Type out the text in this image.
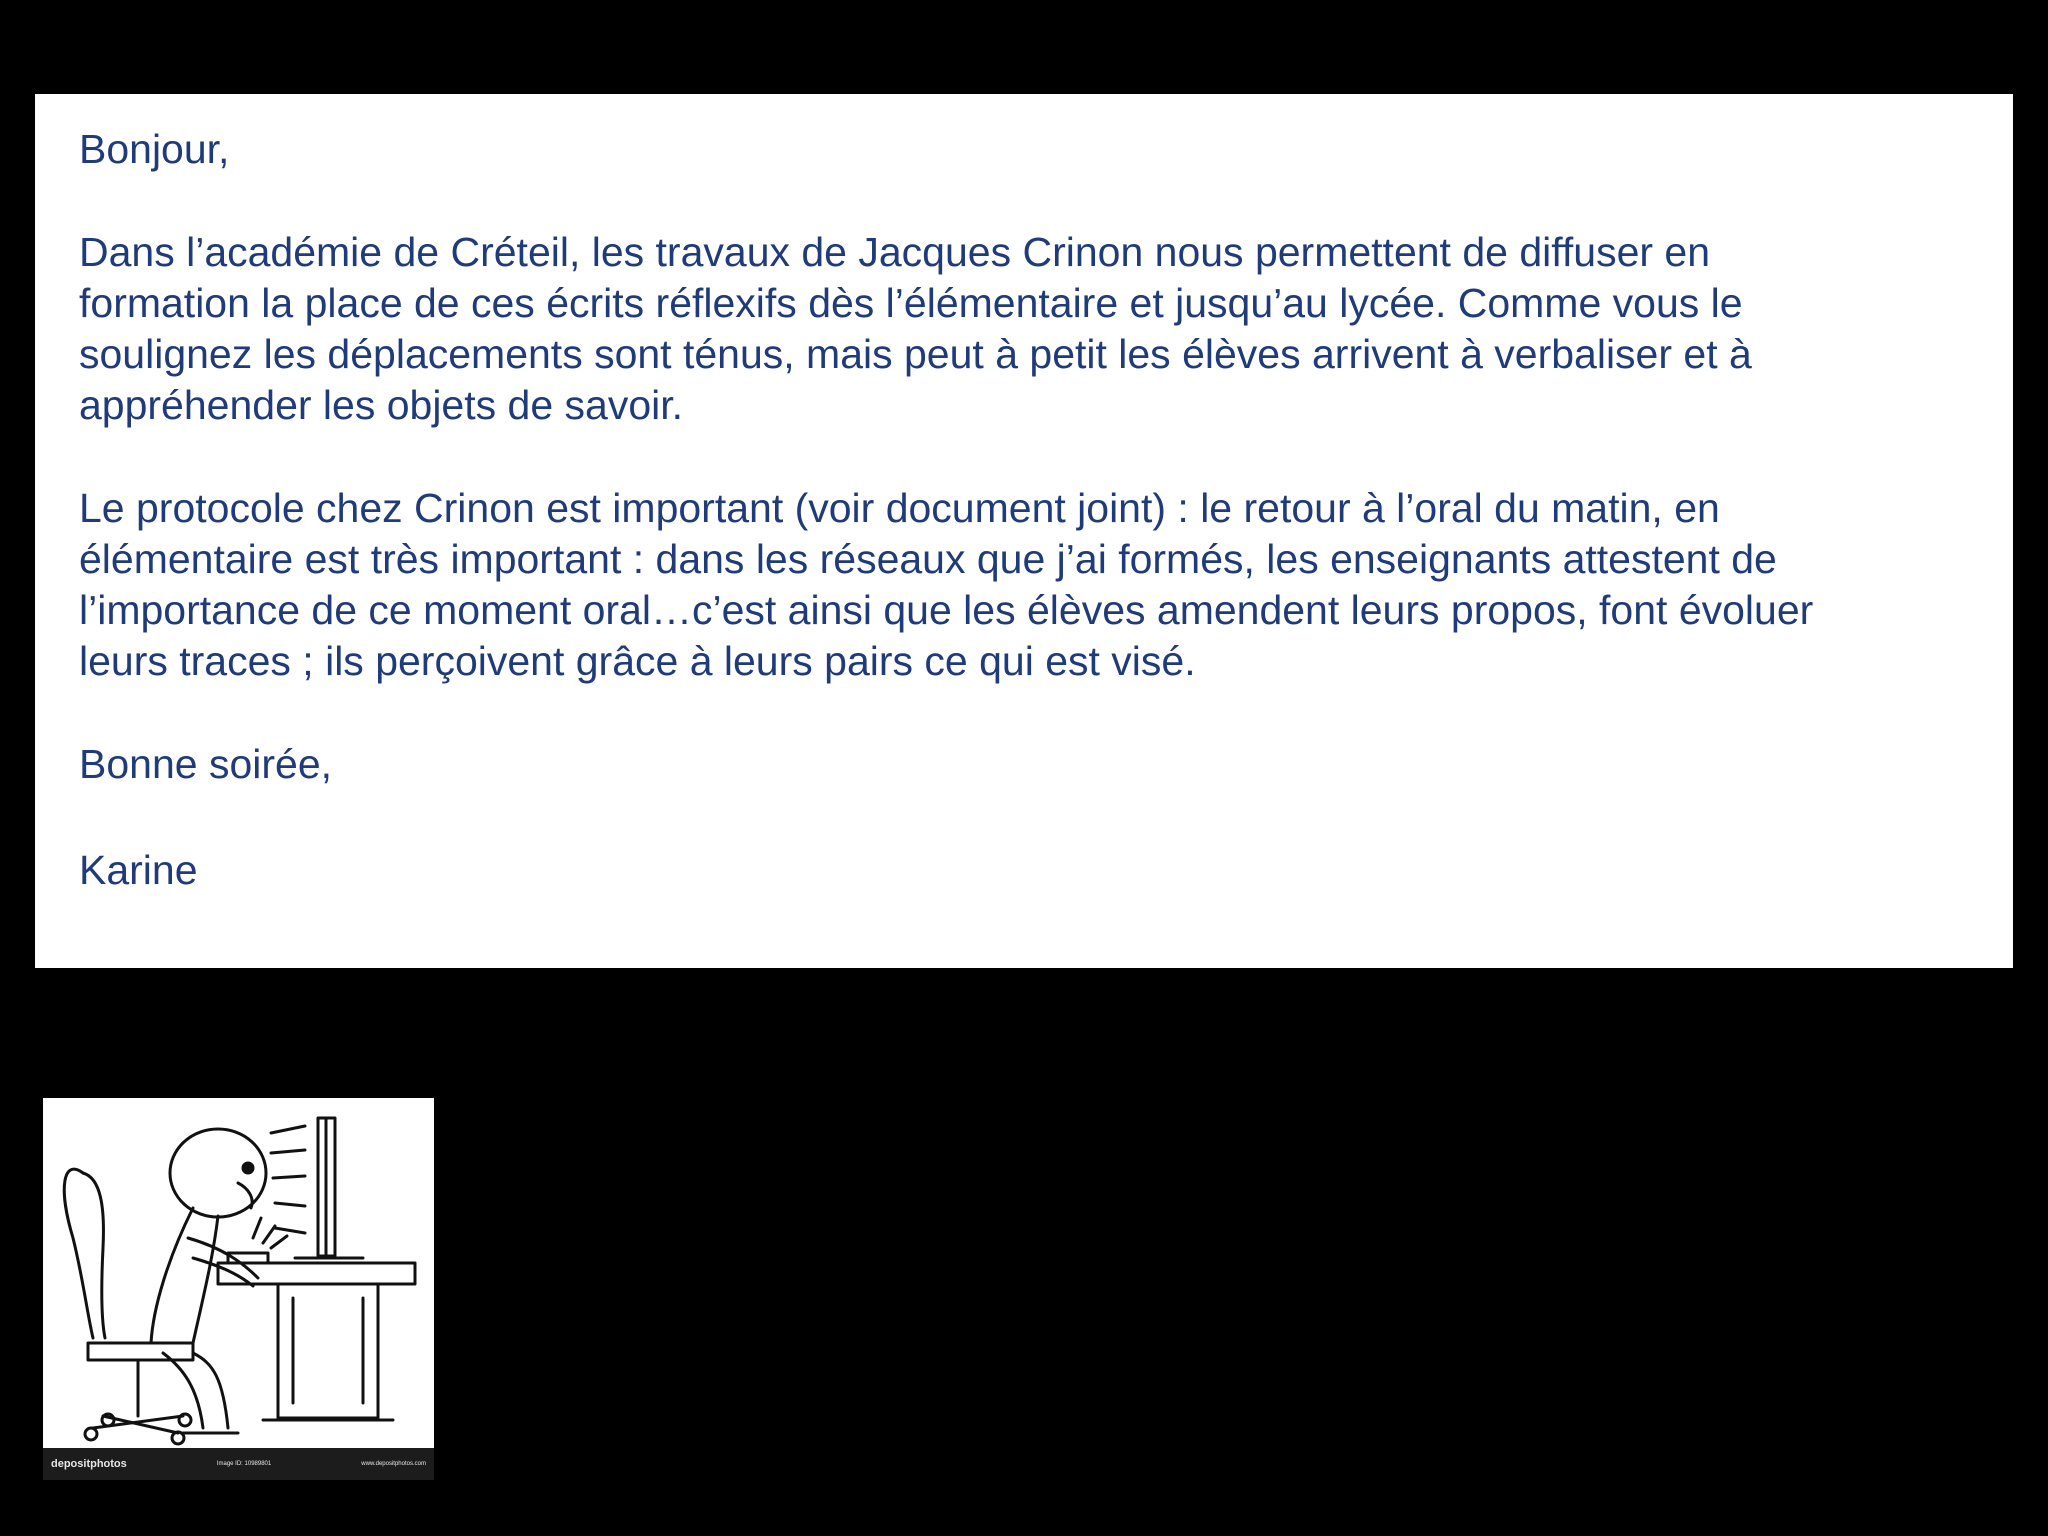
Bonjour,

Dans l’académie de Créteil, les travaux de Jacques Crinon nous permettent de diffuser en

formation la place de ces écrits réflexifs dès l’élémentaire et jusqu’au lycée. Comme vous le

soulignez les déplacements sont ténus, mais peut à petit les élèves arrivent à verbaliser et à

appréhender les objets de savoir.

Le protocole chez Crinon est important (voir document joint) : le retour à l’oral du matin, en

élémentaire est très important : dans les réseaux que j’ai formés, les enseignants attestent de

l’importance de ce moment oral…c’est ainsi que les élèves amendent leurs propos, font évoluer

leurs traces ; ils perçoivent grâce à leurs pairs ce qui est visé.

Bonne soirée,

Karine

depositphotos	Image ID: 10989801	www.depositphotos.com
